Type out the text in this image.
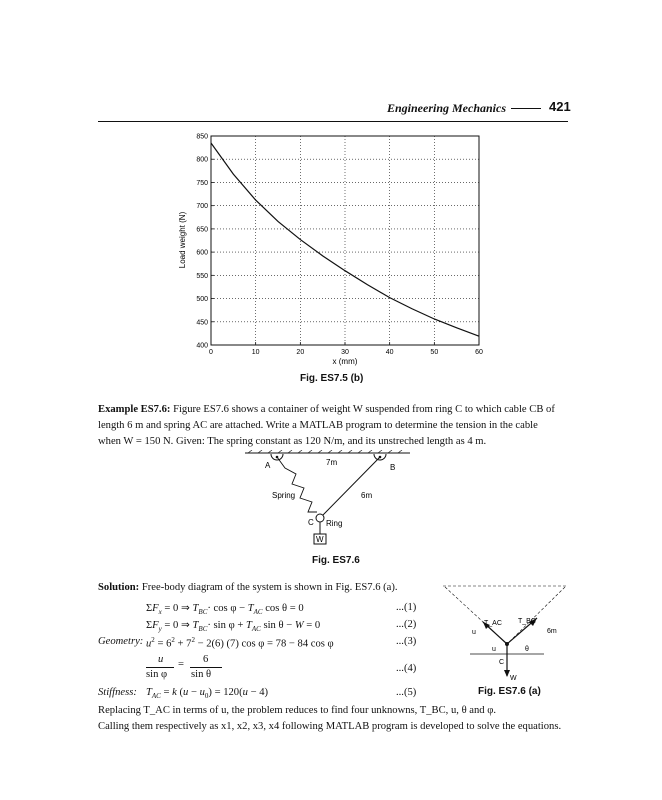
Engineering Mechanics	421
0	10	20	30	40	50	60
400
450
500
550
600
650
700
750
800
850
x (mm)
Load weight (N)
Fig. ES7.5 (b)
Example ES7.6: Figure ES7.6 shows a container of weight W suspended from ring C to which cable CB of
length 6 m and spring AC are attached. Write a MATLAB program to determine the tension in the cable
when W = 150 N. Given: The spring constant as 120 N/m, and its unstreched length as 4 m.
A	B
7m
Spring	6m
C Ring
W
Fig. ES7.6
Solution: Free-body diagram of the system is shown in Fig. ES7.6 (a).
$\Sigma F_x = 0$ ⇒ $T_{BC}\cdot \cos \varphi - T_{AC}$ cos θ = 0	...(1)
$\Sigma F_y = 0$ ⇒ $T_{BC}\cdot \sin \varphi + T_{AC}$ sin θ − W = 0	...(2)
Geometry: $u^2 = 6^2 + 7^2 - 2(6)$ (7) cos φ = 78 − 84 cos φ	...(3)
u
sin φ
= 6
sin θ
...(4)
Stiffness: $T_{AC} = k$ $(u - u_0) = 120(u - 4)$	...(5)
T_AC T_BC
6m
u
u	θ
C
W
Fig. ES7.6 (a)
Replacing T_AC in terms of u, the problem reduces to find four unknowns, T_BC, u, θ and φ.
Calling them respectively as x1, x2, x3, x4 following MATLAB program is developed to solve the equations.
